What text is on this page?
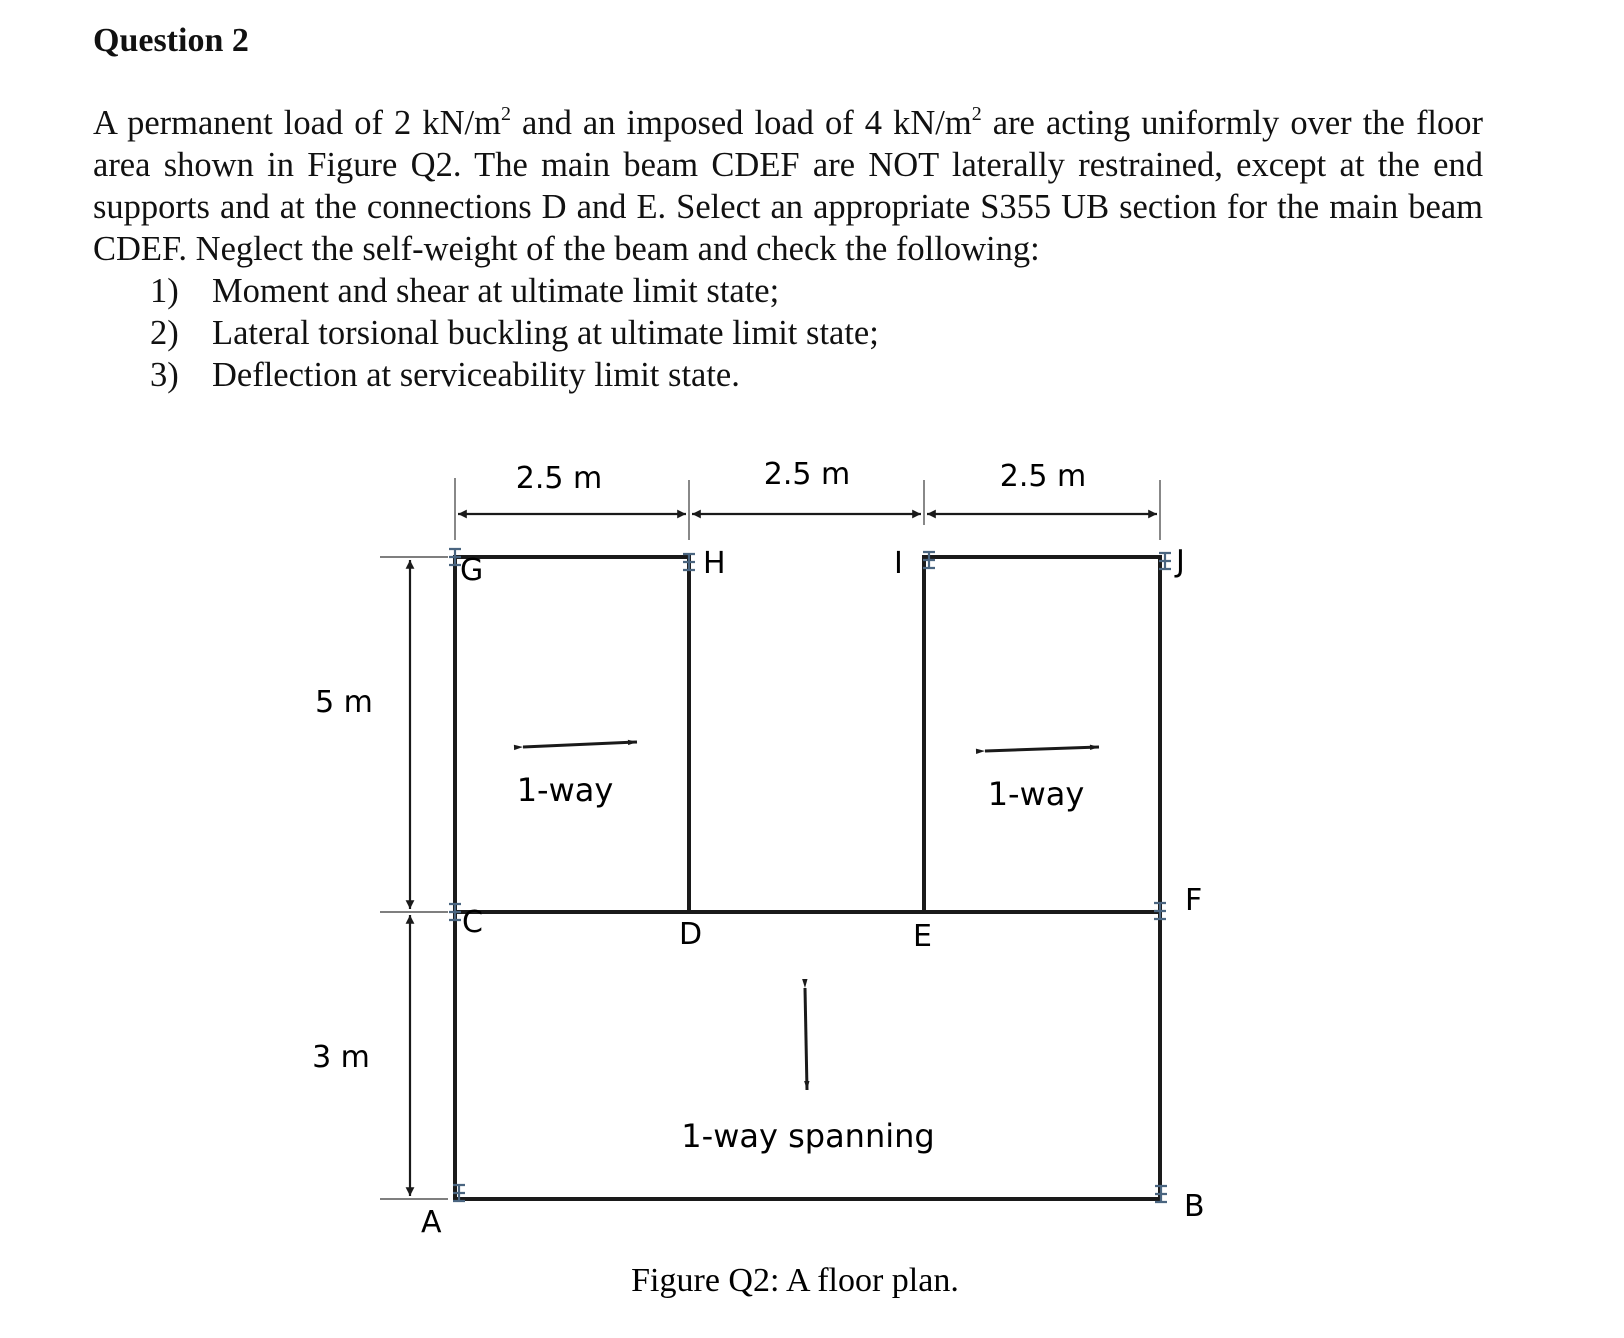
Question 2
A permanent load of 2 $kN/m^2$ and an imposed load of 4 $kN/m^2$ are acting uniformly over the floor area shown in Figure Q2. The main beam CDEF are NOT laterally restrained, except at the end supports and at the connections D and E. Select an appropriate S355 UB section for the main beam CDEF. Neglect the self-weight of the beam and check the following:
1) Moment and shear at ultimate limit state;
2) Lateral torsional buckling at ultimate limit state;
3) Deflection at serviceability limit state.
2.5 m	2.5 m	2.5 m
5 m
3 m
G	H	I	J
C	D	E
F
A	B
1-way	1-way
1-way spanning
Figure Q2: A floor plan.
